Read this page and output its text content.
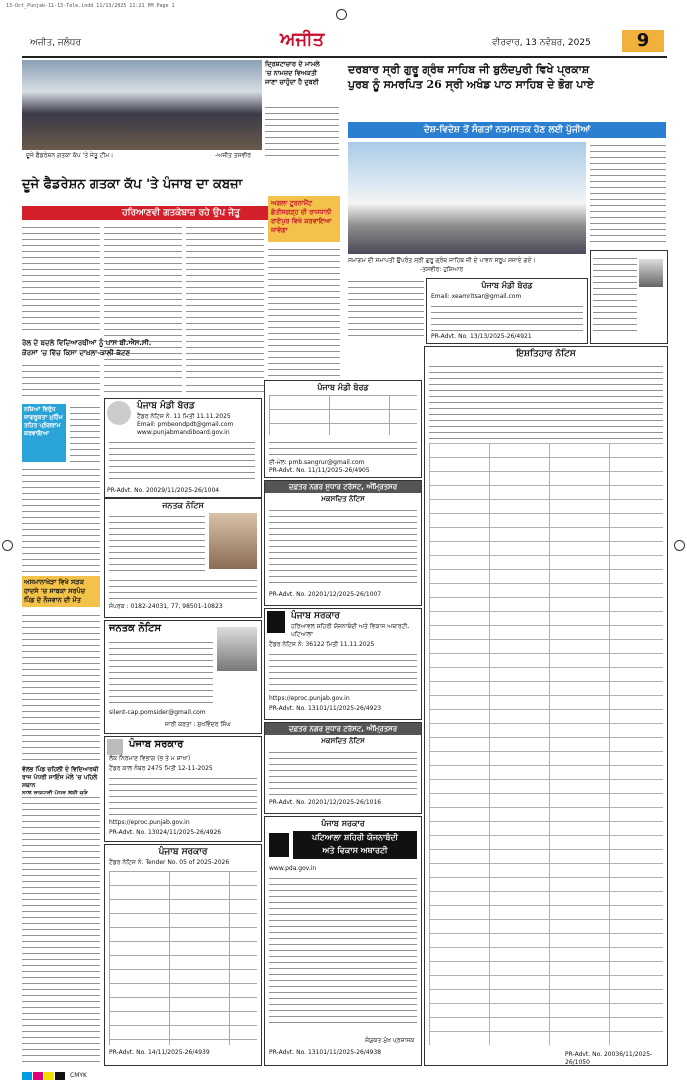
13-Oct_Punjab-11-13-Tele.indd 11/13/2025 11:21 PM Page 1
ਅਜੀਤ, ਜਲੰਧਰ	ਅਜੀਤ	ਵੀਰਵਾਰ, 13 ਨਵੰਬਰ, 2025	9
ਦੂਜੇ ਫੈਡਰੇਸ਼ਨ ਗਤਕਾ ਕੱਪ 'ਤੇ ਜੇਤੂ ਟੀਮ।	-ਅਜੀਤ ਤਸਵੀਰ
ਦ੍ਰਿਸ਼ਟਾਚਾਰ ਦੇ ਮਾਮਲੇ
'ਚ ਨਾਮਜ਼ਦ ਵਿਅਕਤੀ
ਜਾਣਾ ਚਾਹੁੰਦਾ ਹੈ ਦੁਬਈ
ਦਰਬਾਰ ਸ੍ਰੀ ਗੁਰੂ ਗ੍ਰੰਥ ਸਾਹਿਬ ਜੀ ਬੁਲੰਦਪੁਰੀ ਵਿਖੇ ਪ੍ਰਕਾਸ਼
ਪੁਰਬ ਨੂੰ ਸਮਰਪਿਤ 26 ਸ੍ਰੀ ਅਖੰਡ ਪਾਠ ਸਾਹਿਬ ਦੇ ਭੋਗ ਪਾਏ
ਦੇਸ਼-ਵਿਦੇਸ਼ ਤੋਂ ਸੰਗਤਾਂ ਨਤਮਸਤਕ ਹੋਣ ਲਈ ਪੁੱਜੀਆਂ
ਸਮਾਗਮ ਦੀ ਸਮਾਪਤੀ ਉਪਰੰਤ ਸ੍ਰੀ ਗੁਰੂ ਗ੍ਰੰਥ ਸਾਹਿਬ ਜੀ ਦੇ ਪਾਵਨ ਸਰੂਪ ਸਜਾਏ ਗਏ।
-ਤਸਵੀਰ: ਹੁਸ਼ਿਆਰ
ਦੂਜੇ ਫੈਡਰੇਸ਼ਨ ਗਤਕਾ ਕੱਪ 'ਤੇ ਪੰਜਾਬ ਦਾ ਕਬਜ਼ਾ
ਹਰਿਆਣਵੀ ਗਤਕੇਬਾਜ਼ ਰਹੇ ਉਪ ਜੇਤੂ
ਅਗਲਾ ਟੂਰਨਾਮੈਂਟ ਛੱਤੀਸਗੜ੍ਹ ਦੀ ਰਾਜਧਾਨੀ ਰਾਏਪੁਰ ਵਿਖੇ ਕਰਵਾਇਆ ਜਾਵੇਗਾ
ਰੇਲ ਦੇ ਬਦਲੇ ਵਿਦਿਆਰਥੀਆਂ ਨੂੰ ਪਾਸ ਬੀ.ਐਸ.ਸੀ.
ਕੋਰਸਾਂ 'ਚ ਵਿੱਚ ਕਿਸਾ ਦਾਖ਼ਲਾ-ਕਾਲੀ ਕੱਟਣ
ਨਸ਼ਿਆਂ ਵਿਰੁੱਧ ਜਾਗਰੂਕਤਾ ਮੁਹਿੰਮ ਤਹਿਤ ਪ੍ਰੋਗਰਾਮ ਕਰਵਾਇਆ
ਪੰਜਾਬ ਮੰਡੀ ਬੋਰਡ
ਟੈਂਡਰ ਨੋਟਿਸ ਨੰ. 11 ਮਿਤੀ 11.11.2025
Email: pmbeondpdt@gmail.com
www.punjabmandiboard.gov.in
PR-Advt. No. 20029/11/2025-26/1004
ਜਨਤਕ ਨੋਟਿਸ
ਸੰਪਰਕ : 0182-24031, 77, 98501-10823
ਜਨਤਕ ਨੋਟਿਸ
silent-cap.pomsider@gmail.com
ਜਾਰੀ ਕਰਤਾ : ਸੁਖਵਿੰਦਰ ਸਿੰਘ
ਅਸਮਾਨਾਖੇੜਾ ਵਿਖੇ ਸੜਕ
ਹਾਦਸੇ 'ਚ ਸਾਬਕਾ ਸਰਪੰਚ
ਪਿੰਡ ਦੇ ਨੌਜਵਾਨ ਦੀ ਮੌਤ
ਵੱਲਭ ਪਿੰਡ ਚਹਿਲੀ ਦੇ ਵਿਦਿਆਰਥੀ
ਰਾਜ ਪੱਧਰੀ ਸਾਇੰਸ ਮੇਲੇ 'ਚ ਪਹਿਲੇ ਸਥਾਨ
ਪੰਜਾਬ ਸਰਕਾਰ
ਲੋਕ ਨਿਰਮਾਣ ਵਿਭਾਗ (ਭ ਤੇ ਮ ਸ਼ਾਖਾ)
ਟੈਂਡਰ ਕਾਲ ਨੰਬਰ 2475 ਮਿਤੀ 12-11-2025
https://eproc.punjab.gov.in
PR-Advt. No. 13024/11/2025-26/4926
ਪੰਜਾਬ ਸਰਕਾਰ
ਟੈਂਡਰ ਨੋਟਿਸ ਨੰ. Tender No. 05 of 2025-2026
PR-Advt. No. 14/11/2025-26/4939
ਪੰਜਾਬ ਮੰਡੀ ਬੋਰਡ
ਈ-ਮੇਲ: pmb.sangrur@gmail.com
PR-Advt. No. 11/11/2025-26/4905
ਦਫ਼ਤਰ ਨਗਰ ਸੁਧਾਰ ਟਰੱਸਟ, ਅੰਮ੍ਰਿਤਸਰ
ਮਕਸਦਿਤ ਨੋਟਿਸ
PR-Advt. No. 20201/12/2025-26/1007
ਪੰਜਾਬ ਸਰਕਾਰ
ਹਰਿਆਵਲ ਸ਼ਹਿਰੀ ਯੋਜਨਾਬੰਦੀ ਅਤੇ ਵਿਕਾਸ ਅਥਾਰਟੀ, ਪਟਿਆਲਾ
ਟੈਂਡਰ ਨੋਟਿਸ ਨੰ: 36122 ਮਿਤੀ 11.11.2025
https://eproc.punjab.gov.in
PR-Advt. No. 13101/11/2025-26/4923
ਦਫ਼ਤਰ ਨਗਰ ਸੁਧਾਰ ਟਰੱਸਟ, ਅੰਮ੍ਰਿਤਸਰ
ਮਕਸਦਿਤ ਨੋਟਿਸ
PR-Advt. No. 20201/12/2025-26/1016
ਪੰਜਾਬ ਸਰਕਾਰ
ਪਟਿਆਲਾ ਸ਼ਹਿਰੀ ਯੋਜਨਾਬੰਦੀ
ਅਤੇ ਵਿਕਾਸ ਅਥਾਰਟੀ
www.pda.gov.in
PR-Advt. No. 13101/11/2025-26/4938
ਸੰਯੁਕਤ ਮੁੱਖ ਪ੍ਰਸ਼ਾਸਕ
ਪੰਜਾਬ ਮੰਡੀ ਬੋਰਡ
Email: xeamritsar@gmail.com
PR-Advt. No. 13/13/2025-26/4921
ਇਸ਼ਤਿਹਾਰ ਨੋਟਿਸ
PR-Advt. No. 20036/11/2025-26/1050
CMYK
